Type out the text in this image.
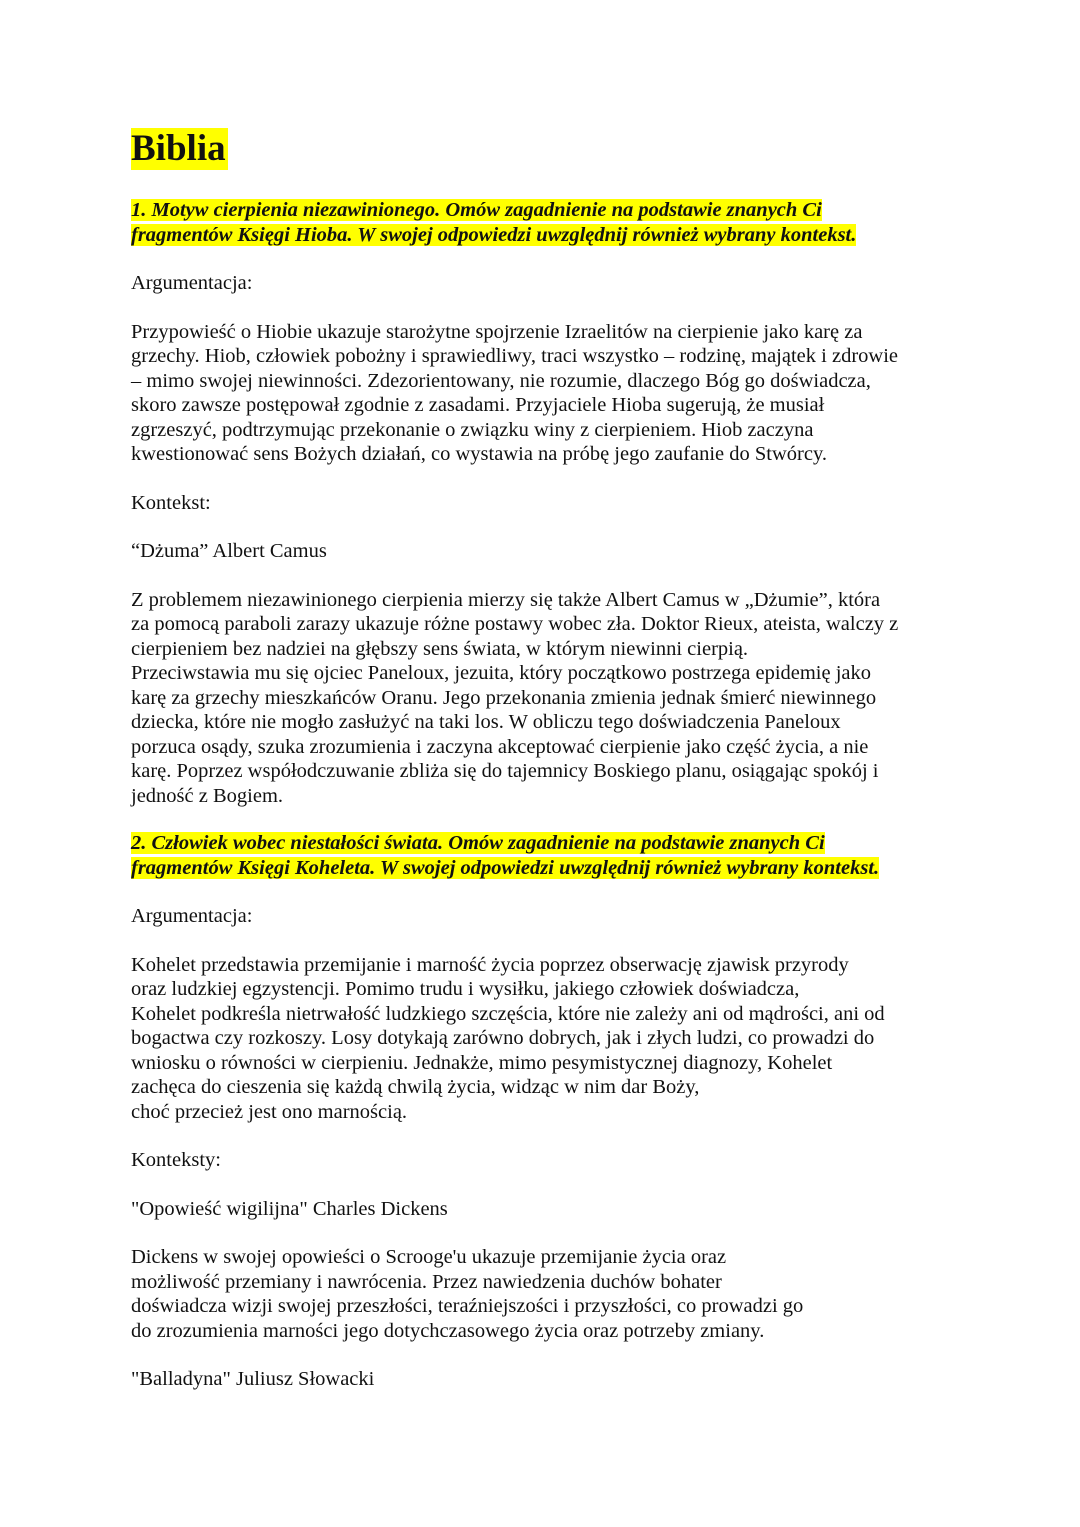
Biblia
1. Motyw cierpienia niezawinionego. Omów zagadnienie na podstawie znanych Ci
fragmentów Księgi Hioba. W swojej odpowiedzi uwzględnij również wybrany kontekst.

Argumentacja:

Przypowieść o Hiobie ukazuje starożytne spojrzenie Izraelitów na cierpienie jako karę za
grzechy. Hiob, człowiek pobożny i sprawiedliwy, traci wszystko – rodzinę, majątek i zdrowie
– mimo swojej niewinności. Zdezorientowany, nie rozumie, dlaczego Bóg go doświadcza,
skoro zawsze postępował zgodnie z zasadami. Przyjaciele Hioba sugerują, że musiał
zgrzeszyć, podtrzymując przekonanie o związku winy z cierpieniem. Hiob zaczyna
kwestionować sens Bożych działań, co wystawia na próbę jego zaufanie do Stwórcy.

Kontekst:

“Dżuma” Albert Camus

Z problemem niezawinionego cierpienia mierzy się także Albert Camus w „Dżumie”, która
za pomocą paraboli zarazy ukazuje różne postawy wobec zła. Doktor Rieux, ateista, walczy z
cierpieniem bez nadziei na głębszy sens świata, w którym niewinni cierpią.
Przeciwstawia mu się ojciec Paneloux, jezuita, który początkowo postrzega epidemię jako
karę za grzechy mieszkańców Oranu. Jego przekonania zmienia jednak śmierć niewinnego
dziecka, które nie mogło zasłużyć na taki los. W obliczu tego doświadczenia Paneloux
porzuca osądy, szuka zrozumienia i zaczyna akceptować cierpienie jako część życia, a nie
karę. Poprzez współodczuwanie zbliża się do tajemnicy Boskiego planu, osiągając spokój i
jedność z Bogiem.

2. Człowiek wobec niestałości świata. Omów zagadnienie na podstawie znanych Ci
fragmentów Księgi Koheleta. W swojej odpowiedzi uwzględnij również wybrany kontekst.

Argumentacja:

Kohelet przedstawia przemijanie i marność życia poprzez obserwację zjawisk przyrody
oraz ludzkiej egzystencji. Pomimo trudu i wysiłku, jakiego człowiek doświadcza,
Kohelet podkreśla nietrwałość ludzkiego szczęścia, które nie zależy ani od mądrości, ani od
bogactwa czy rozkoszy. Losy dotykają zarówno dobrych, jak i złych ludzi, co prowadzi do
wniosku o równości w cierpieniu. Jednakże, mimo pesymistycznej diagnozy, Kohelet
zachęca do cieszenia się każdą chwilą życia, widząc w nim dar Boży,
choć przecież jest ono marnością.

Konteksty:

"Opowieść wigilijna" Charles Dickens

Dickens w swojej opowieści o Scrooge'u ukazuje przemijanie życia oraz
możliwość przemiany i nawrócenia. Przez nawiedzenia duchów bohater
doświadcza wizji swojej przeszłości, teraźniejszości i przyszłości, co prowadzi go
do zrozumienia marności jego dotychczasowego życia oraz potrzeby zmiany.

"Balladyna" Juliusz Słowacki
